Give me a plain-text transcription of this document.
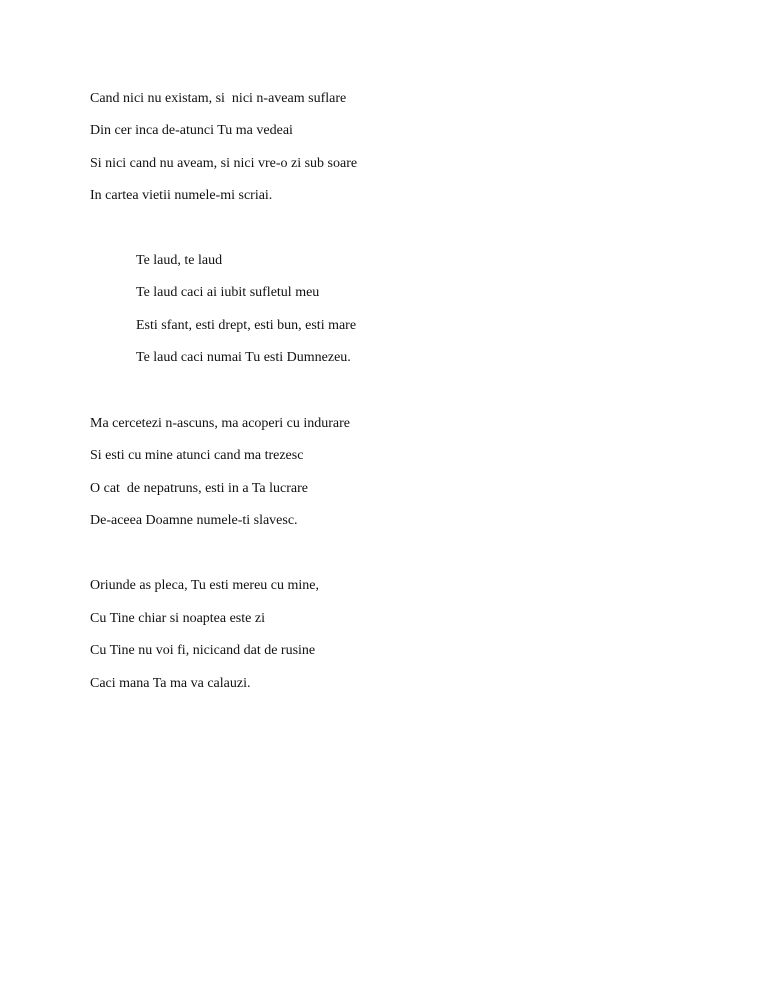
Cand nici nu existam, si  nici n-aveam suflare
Din cer inca de-atunci Tu ma vedeai
Si nici cand nu aveam, si nici vre-o zi sub soare
In cartea vietii numele-mi scriai.
Te laud, te laud
Te laud caci ai iubit sufletul meu
Esti sfant, esti drept, esti bun, esti mare
Te laud caci numai Tu esti Dumnezeu.
Ma cercetezi n-ascuns, ma acoperi cu indurare
Si esti cu mine atunci cand ma trezesc
O cat  de nepatruns, esti in a Ta lucrare
De-aceea Doamne numele-ti slavesc.
Oriunde as pleca, Tu esti mereu cu mine,
Cu Tine chiar si noaptea este zi
Cu Tine nu voi fi, nicicand dat de rusine
Caci mana Ta ma va calauzi.
